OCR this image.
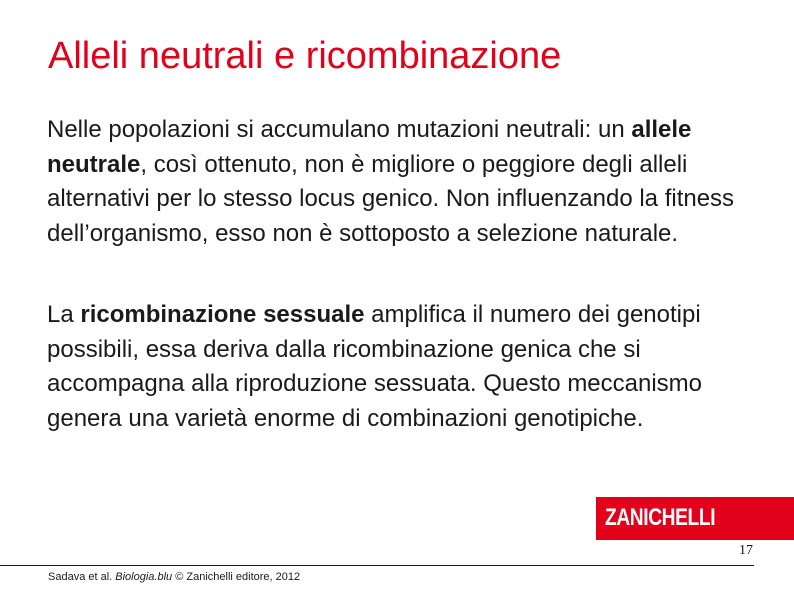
Alleli neutrali e ricombinazione
Nelle popolazioni si accumulano mutazioni neutrali: un allele neutrale, così ottenuto, non è migliore o peggiore degli alleli alternativi per lo stesso locus genico. Non influenzando la fitness dell’organismo, esso non è sottoposto a selezione naturale.
La ricombinazione sessuale amplifica il numero dei genotipi possibili, essa deriva dalla ricombinazione genica che si accompagna alla riproduzione sessuata. Questo meccanismo genera una varietà enorme di combinazioni genotipiche.
ZANICHELLI
17
Sadava et al. Biologia.blu © Zanichelli editore, 2012
